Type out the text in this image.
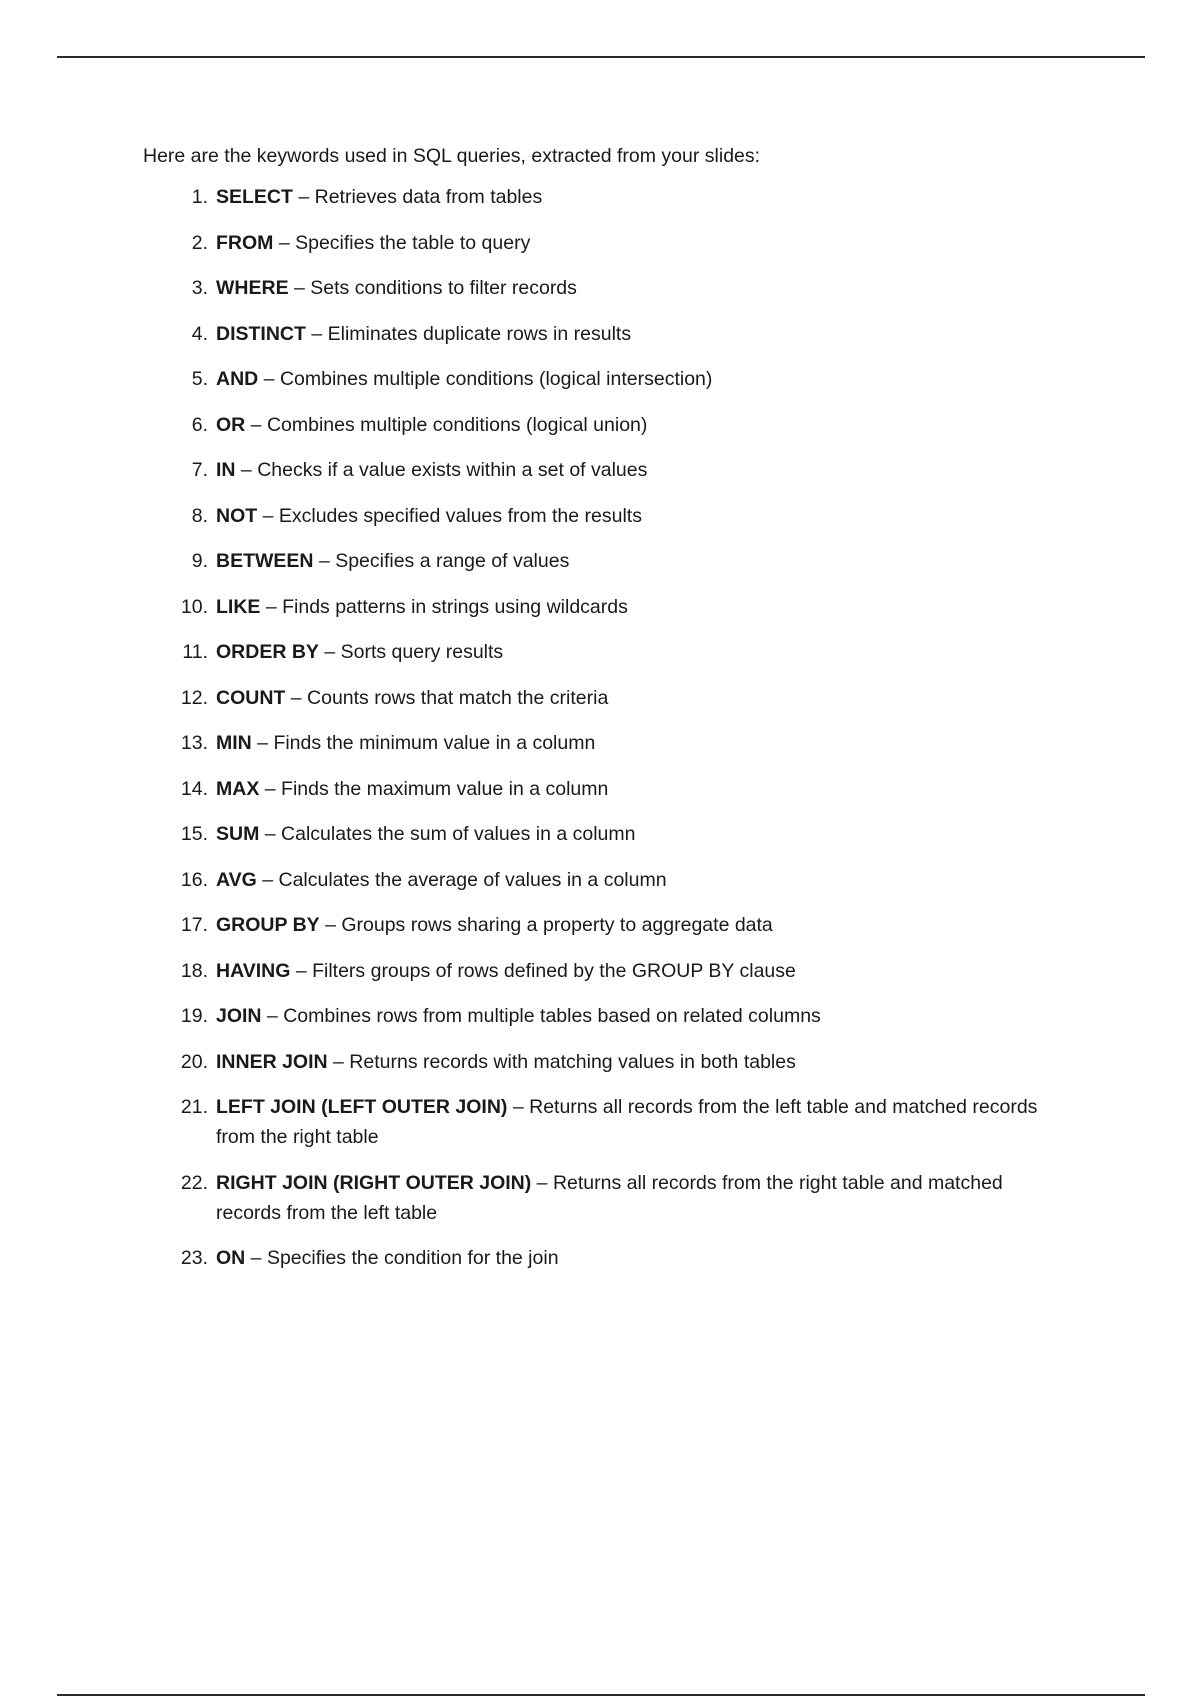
Here are the keywords used in SQL queries, extracted from your slides:

1. SELECT – Retrieves data from tables
2. FROM – Specifies the table to query
3. WHERE – Sets conditions to filter records
4. DISTINCT – Eliminates duplicate rows in results
5. AND – Combines multiple conditions (logical intersection)
6. OR – Combines multiple conditions (logical union)
7. IN – Checks if a value exists within a set of values
8. NOT – Excludes specified values from the results
9. BETWEEN – Specifies a range of values
10. LIKE – Finds patterns in strings using wildcards
11. ORDER BY – Sorts query results
12. COUNT – Counts rows that match the criteria
13. MIN – Finds the minimum value in a column
14. MAX – Finds the maximum value in a column
15. SUM – Calculates the sum of values in a column
16. AVG – Calculates the average of values in a column
17. GROUP BY – Groups rows sharing a property to aggregate data
18. HAVING – Filters groups of rows defined by the GROUP BY clause
19. JOIN – Combines rows from multiple tables based on related columns
20. INNER JOIN – Returns records with matching values in both tables
21. LEFT JOIN (LEFT OUTER JOIN) – Returns all records from the left table and matched records from the right table
22. RIGHT JOIN (RIGHT OUTER JOIN) – Returns all records from the right table and matched records from the left table
23. ON – Specifies the condition for the join
